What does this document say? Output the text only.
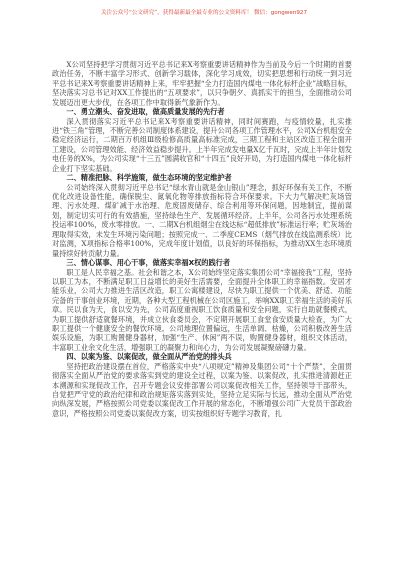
关注公众号“公文研究”，获得最新最全最专业的公文资料库！ 微信：gongwen927

X公司坚持把学习贯彻习近平总书记来X考察重要讲话精神作为当前及今后一个时期的首要政治任务，不断丰富学习形式、创新学习载体，深化学习成效，切实把思想和行动统一到习近平总书记来X考察重要讲话精神上来，牢牢把握“全力打造国内煤电一体化标杆企业”战略目标，坚决落实习总书记对XX工作提出的“五项要求”，以只争朝夕、真抓实干的担当，全面推动公司发展迈出更大步伐，在各项工作中取得新气象新作为。

一、勇立潮头、奋发进取，做高质量发展的先行者

深入贯彻落实习近平总书记来X考察重要讲话精神，同时间赛跑，与疫情较量，扎实推进“铁三角”管理，不断完善公司制度体系建设，提升公司各项工作管理水平，公司X台机组安全稳定经济运行，二期百万机组Ⅲ级检修高质量高标准完成，三期工程和主站区改造工程全面开工建设，公司管理效能、经济效益稳步提升。上半年完成发电量X亿千瓦时，完成上半年计划发电任务的X%，为公司实现“十三五”圆满收官和“十四五”良好开局，为打造国内煤电一体化标杆企业打下坚实基础。

二、精准把脉、科学施策，做生态环境的坚定维护者

公司始终深入贯彻习近平总书记“绿水青山就是金山银山”理念，抓好环保有关工作，不断优化改进设备性能，确保脱尘、氮氧化物等排放指标符合环保要求。下大力气解决贮灰场管理、污水处理、煤矿减于水治理、危废固废储存、综合利用等环保问题，因地制宜，提前谋划，制定切实可行的有效措施，坚持绿色生产、发展循环经济。上半年，公司各污水处理系统投运率100%，废水零排放。一、二期X台机组烟尘在线达标“超低排放”标准运行率；贮灰场治理取得实效，未发生环境污染问题；按照完成一、二季度CEMS（烟气排放在线监测系统）比对监测，X项指标合格率100%，完成年度计划值，以良好的环保指标，为推动XX生态环境质量持续好转贡献力量。

三、情心谋事、用心干事，做落实幸福X权的践行者

职工是人民幸福之基。社会和谐之本，X公司始终坚定落实集团公司“幸福接我”工程，坚持以职工为本，不断满足职工日益增长的美好生活需要，全面提升全体职工的幸福指数。安居才能乐业，公司大力推进生活区改造，职工公寓楼建设，尽快为职工提供一个优美、舒适、功能完备的干事创业环境，近期，各种大型工程机械在公司区施工，举响XX职工幸福生活的美好乐章。民以食为天，食以安为先，公司高度重视职工饮食质量和安全问题，实行自助就餐模式，为职工提供舒适就餐环境，并成立伙食委员会，不定期开展职工食堂食安质量大检查，为广大职工提供一个健康安全的餐饮环境。公司地理位置偏远，生活单调、枯燥，公司积极改善生活娱乐设施，为职工购置健身器材，加强“生产、休闲”两不误，购置健身器材，组织文体活动，丰富职工业余文化生活，增强职工的凝聚力和向心力，为公司发展凝聚磅礴力量。

四、以案为鉴、以案促改，做全面从严治党的排头兵

坚持把政治建设摆在首位，严格落实中央“八项规定”精神及集团公司“十个严禁”，全面贯彻落实全面从严治党的要求落实到党的建设全过程，以案为鉴、以案促改，扎实推进清源赶正本溯源和实现促改工作，召开专题会议安排部署公司以案促改相关工作，坚持领导干部带头，自觉把严守党的政治纪律和政治规矩落实落到实处，坚持立足实际与长远，推动全面从严治党向纵深发展，严格按照公司党委以案促改工作开展的常态化，不断增强公司广大党员干部政治意识，严格按照公司党委以案促改方案，切实按组织好专题学习教育，扎
